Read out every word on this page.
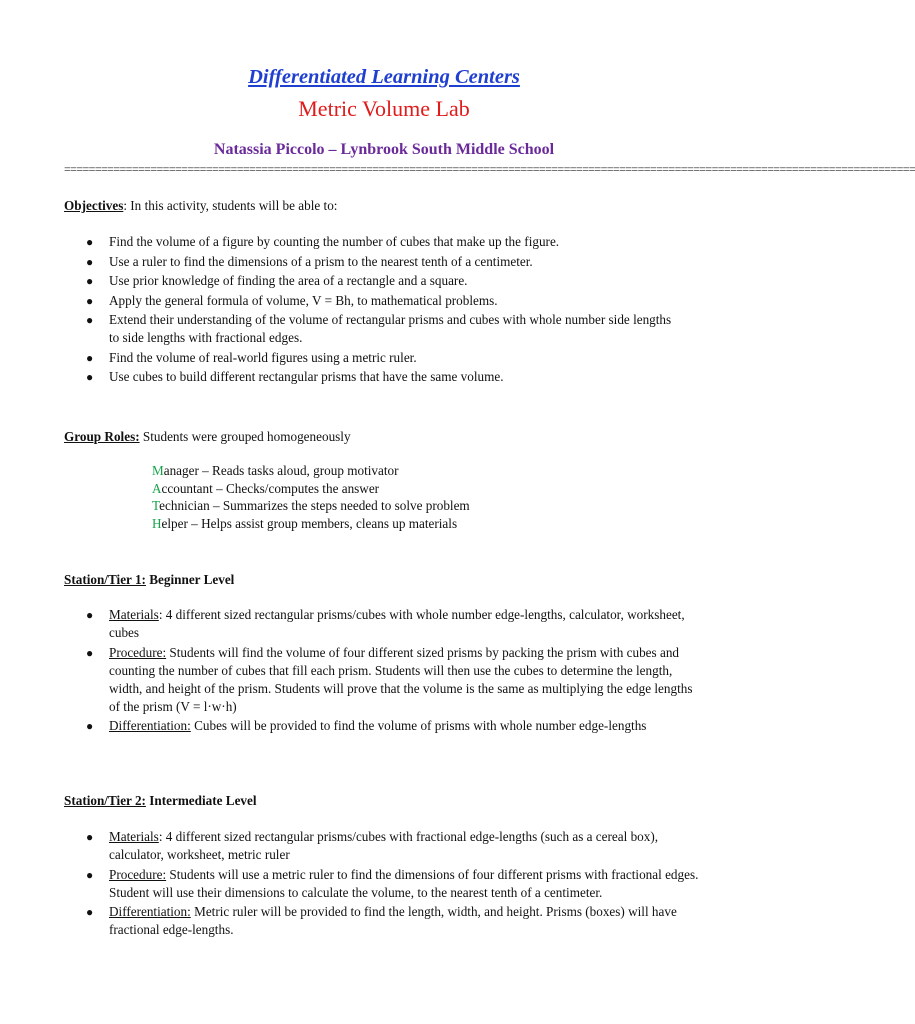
Differentiated Learning Centers
Metric Volume Lab
Natassia Piccolo – Lynbrook South Middle School
==========================================================================================================================================
Objectives: In this activity, students will be able to:
● Find the volume of a figure by counting the number of cubes that make up the figure.
● Use a ruler to find the dimensions of a prism to the nearest tenth of a centimeter.
● Use prior knowledge of finding the area of a rectangle and a square.
● Apply the general formula of volume, V = Bh, to mathematical problems.
● Extend their understanding of the volume of rectangular prisms and cubes with whole number side lengths to side lengths with fractional edges.
● Find the volume of real-world figures using a metric ruler.
● Use cubes to build different rectangular prisms that have the same volume.
Group Roles: Students were grouped homogeneously
Manager – Reads tasks aloud, group motivator
Accountant – Checks/computes the answer
Technician – Summarizes the steps needed to solve problem
Helper – Helps assist group members, cleans up materials
Station/Tier 1: Beginner Level
● Materials: 4 different sized rectangular prisms/cubes with whole number edge-lengths, calculator, worksheet, cubes
● Procedure: Students will find the volume of four different sized prisms by packing the prism with cubes and counting the number of cubes that fill each prism. Students will then use the cubes to determine the length, width, and height of the prism. Students will prove that the volume is the same as multiplying the edge lengths of the prism (V = l·w·h)
● Differentiation: Cubes will be provided to find the volume of prisms with whole number edge-lengths
Station/Tier 2: Intermediate Level
● Materials: 4 different sized rectangular prisms/cubes with fractional edge-lengths (such as a cereal box), calculator, worksheet, metric ruler
● Procedure: Students will use a metric ruler to find the dimensions of four different prisms with fractional edges. Student will use their dimensions to calculate the volume, to the nearest tenth of a centimeter.
● Differentiation: Metric ruler will be provided to find the length, width, and height. Prisms (boxes) will have fractional edge-lengths.
